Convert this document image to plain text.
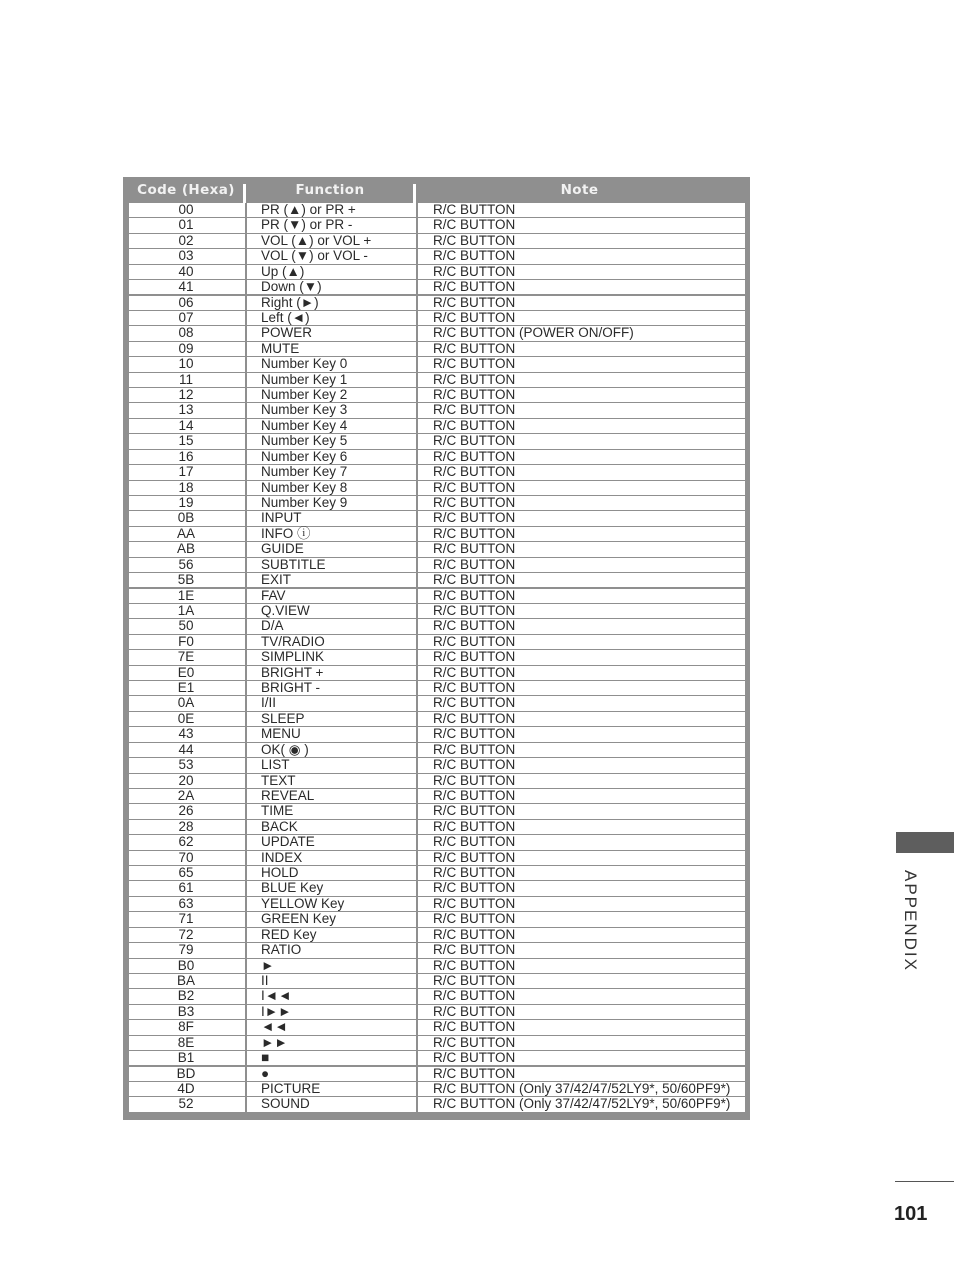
Code (Hexa)	Function	Note
00	PR (▲) or PR +	R/C BUTTON
01	PR (▼) or PR -	R/C BUTTON
02	VOL (▲) or VOL +	R/C BUTTON
03	VOL (▼) or VOL -	R/C BUTTON
40	Up (▲)	R/C BUTTON
41	Down (▼)	R/C BUTTON
06	Right (►)	R/C BUTTON
07	Left (◄)	R/C BUTTON
08	POWER	R/C BUTTON (POWER ON/OFF)
09	MUTE	R/C BUTTON
10	Number Key 0	R/C BUTTON
11	Number Key 1	R/C BUTTON
12	Number Key 2	R/C BUTTON
13	Number Key 3	R/C BUTTON
14	Number Key 4	R/C BUTTON
15	Number Key 5	R/C BUTTON
16	Number Key 6	R/C BUTTON
17	Number Key 7	R/C BUTTON
18	Number Key 8	R/C BUTTON
19	Number Key 9	R/C BUTTON
0B	INPUT	R/C BUTTON
AA	INFO ⓘ	R/C BUTTON
AB	GUIDE	R/C BUTTON
56	SUBTITLE	R/C BUTTON
5B	EXIT	R/C BUTTON
1E	FAV	R/C BUTTON
1A	Q.VIEW	R/C BUTTON
50	D/A	R/C BUTTON
F0	TV/RADIO	R/C BUTTON
7E	SIMPLINK	R/C BUTTON
E0	BRIGHT +	R/C BUTTON
E1	BRIGHT -	R/C BUTTON
0A	I/II	R/C BUTTON
0E	SLEEP	R/C BUTTON
43	MENU	R/C BUTTON
44	OK( ◉ )	R/C BUTTON
53	LIST	R/C BUTTON
20	TEXT	R/C BUTTON
2A	REVEAL	R/C BUTTON
26	TIME	R/C BUTTON
28	BACK	R/C BUTTON
62	UPDATE	R/C BUTTON
70	INDEX	R/C BUTTON
65	HOLD	R/C BUTTON
61	BLUE Key	R/C BUTTON
63	YELLOW Key	R/C BUTTON
71	GREEN Key	R/C BUTTON
72	RED Key	R/C BUTTON
79	RATIO	R/C BUTTON
B0	►	R/C BUTTON
BA	II	R/C BUTTON
B2	I◄◄	R/C BUTTON
B3	I►►	R/C BUTTON
8F	◄◄	R/C BUTTON
8E	►►	R/C BUTTON
B1	■	R/C BUTTON
BD	●	R/C BUTTON
4D	PICTURE	R/C BUTTON (Only 37/42/47/52LY9*, 50/60PF9*)
52	SOUND	R/C BUTTON (Only 37/42/47/52LY9*, 50/60PF9*)
APPENDIX
101
